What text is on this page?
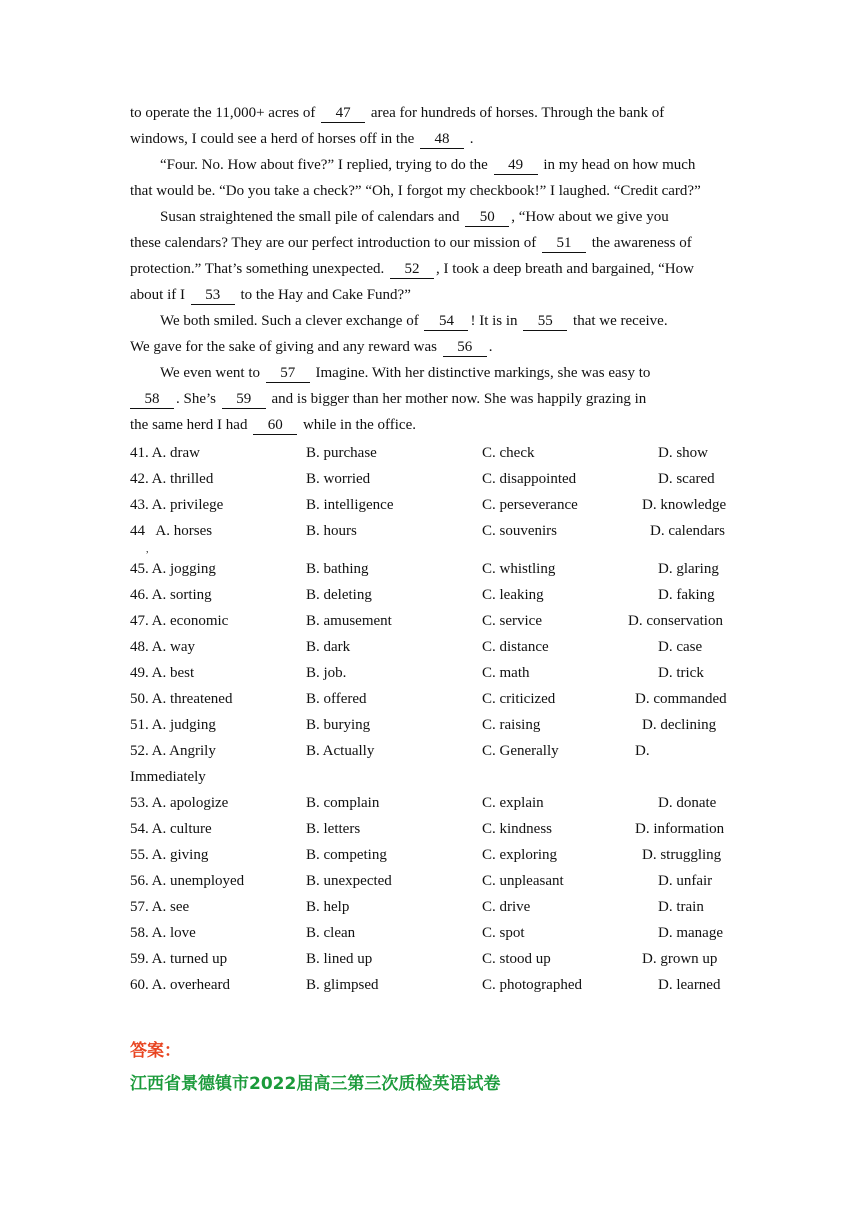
to operate the 11,000+ acres of 47 area for hundreds of horses. Through the bank of
windows, I could see a herd of horses off in the 48 .
“Four. No. How about five?” I replied, trying to do the 49 in my head on how much
that would be. “Do you take a check?” “Oh, I forgot my checkbook!” I laughed. “Credit card?”
Susan straightened the small pile of calendars and 50 , “How about we give you
these calendars? They are our perfect introduction to our mission of 51 the awareness of
protection.” That’s something unexpected. 52 , I took a deep breath and bargained, “How
about if I 53 to the Hay and Cake Fund?”
We both smiled. Such a clever exchange of 54 ! It is in 55 that we receive.
We gave for the sake of giving and any reward was 56 .
We even went to 57 Imagine. With her distinctive markings, she was easy to
58 . She’s 59 and is bigger than her mother now. She was happily grazing in
the same herd I had 60 while in the office.
41. A. draw	B. purchase	C. check	D. show
42. A. thrilled	B. worried	C. disappointed	D. scared
43. A. privilege	B. intelligence	C. perseverance	D. knowledge
44   A. horses	B. hours	C. souvenirs	D. calendars
45. A. jogging	B. bathing	C. whistling	D. glaring
46. A. sorting	B. deleting	C. leaking	D. faking
47. A. economic	B. amusement	C. service	D. conservation
48. A. way	B. dark	C. distance	D. case
49. A. best	B. job.	C. math	D. trick
50. A. threatened	B. offered	C. criticized	D. commanded
51. A. judging	B. burying	C. raising	D. declining
52. A. Angrily	B. Actually	C. Generally	D.
Immediately
53. A. apologize	B. complain	C. explain	D. donate
54. A. culture	B. letters	C. kindness	D. information
55. A. giving	B. competing	C. exploring	D. struggling
56. A. unemployed	B. unexpected	C. unpleasant	D. unfair
57. A. see	B. help	C. drive	D. train
58. A. love	B. clean	C. spot	D. manage
59. A. turned up	B. lined up	C. stood up	D. grown up
60. A. overheard	B. glimpsed	C. photographed	D. learned
,
答案：
江西省景德镇市2022届高三第三次质检英语试卷
